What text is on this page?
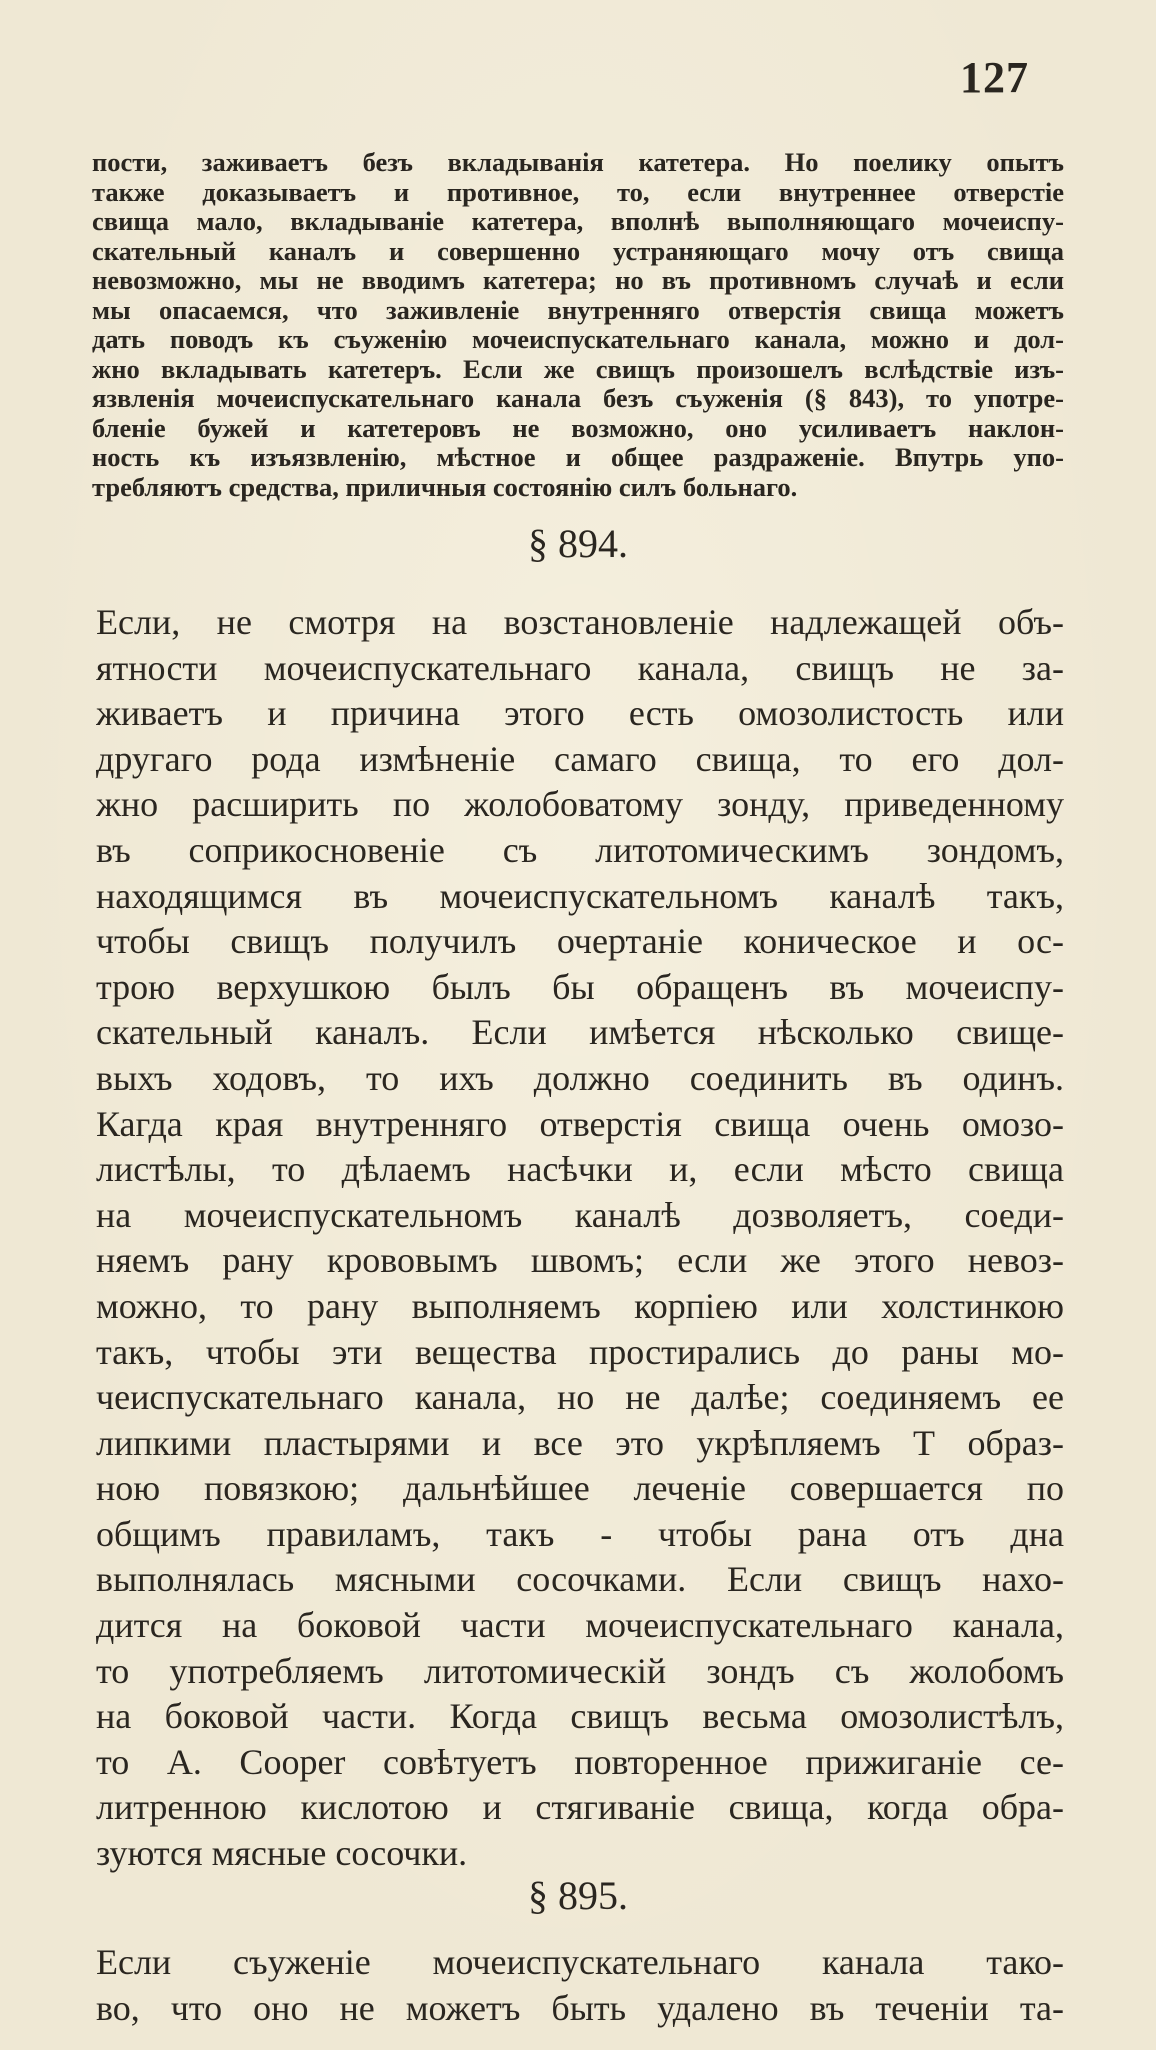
127
пости, заживаетъ безъ вкладыванія катетера. Но поелику опытъ
также доказываетъ и противное, то, если внутреннее отверстіе
свища мало, вкладываніе катетера, вполнѣ выполняющаго мочеиспу-
скательный каналъ и совершенно устраняющаго мочу отъ свища
невозможно, мы не вводимъ катетера; но въ противномъ случаѣ и если
мы опасаемся, что заживленіе внутренняго отверстія свища можетъ
дать поводъ къ съуженію мочеиспускательнаго канала, можно и дол-
жно вкладывать катетеръ. Если же свищъ произошелъ вслѣдствіе изъ-
язвленія мочеиспускательнаго канала безъ съуженія (§ 843), то употре-
бленіе бужей и катетеровъ не возможно, оно усиливаетъ наклон-
ность къ изъязвленію, мѣстное и общее раздраженіе. Впутрь упо-
требляютъ средства, приличныя состоянію силъ больнаго.
§ 894.
Если, не смотря на возстановленіе надлежащей объ-
ятности мочеиспускательнаго канала, свищъ не за-
живаетъ и причина этого есть омозолистость или
другаго рода измѣненіе самаго свища, то его дол-
жно расширить по жолобоватому зонду, приведенному
въ соприкосновеніе съ литотомическимъ зондомъ,
находящимся въ мочеиспускательномъ каналѣ такъ,
чтобы свищъ получилъ очертаніе коническое и ос-
трою верхушкою былъ бы обращенъ въ мочеиспу-
скательный каналъ. Если имѣется нѣсколько свище-
выхъ ходовъ, то ихъ должно соединить въ одинъ.
Кагда края внутренняго отверстія свища очень омозо-
листѣлы, то дѣлаемъ насѣчки и, если мѣсто свища
на мочеиспускательномъ каналѣ дозволяетъ, соеди-
няемъ рану крововымъ швомъ; если же этого невоз-
можно, то рану выполняемъ корпіею или холстинкою
такъ, чтобы эти вещества простирались до раны мо-
чеиспускательнаго канала, но не далѣе; соединяемъ ее
липкими пластырями и все это укрѣпляемъ Т образ-
ною повязкою; дальнѣйшее леченіе совершается по
общимъ правиламъ, такъ - чтобы рана отъ дна
выполнялась мясными сосочками. Если свищъ нахо-
дится на боковой части мочеиспускательнаго канала,
то употребляемъ литотомическій зондъ съ жолобомъ
на боковой части. Когда свищъ весьма омозолистѣлъ,
то А. Cooper совѣтуетъ повторенное прижиганіе се-
литренною кислотою и стягиваніе свища, когда обра-
зуются мясные сосочки.
§ 895.
Если съуженіе мочеиспускательнаго канала тако-
во, что оно не можетъ быть удалено въ теченіи та-
